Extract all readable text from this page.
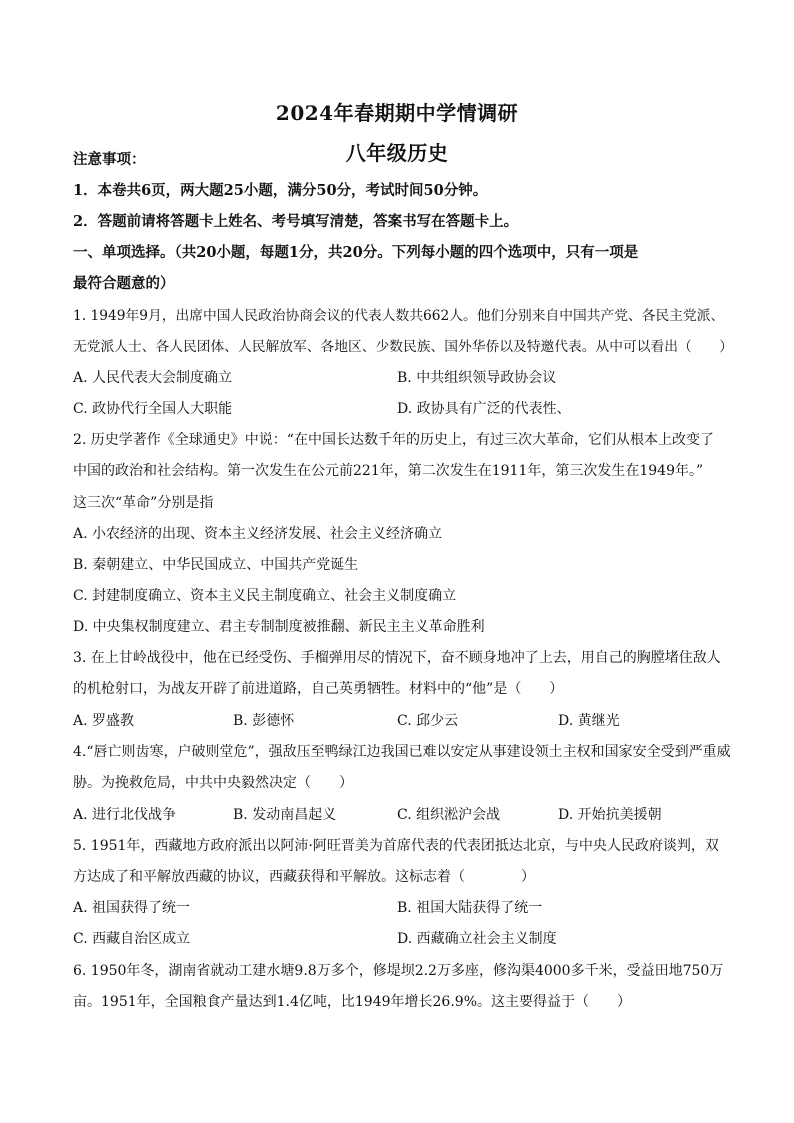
2024年春期期中学情调研
八年级历史
注意事项：
1．本卷共6页，两大题25小题，满分50分，考试时间50分钟。
2．答题前请将答题卡上姓名、考号填写清楚，答案书写在答题卡上。
一、单项选择。（共20小题，每题1分，共20分。下列每小题的四个选项中，只有一项是
最符合题意的）
1. 1949年9月，出席中国人民政治协商会议的代表人数共662人。他们分别来自中国共产党、各民主党派、
无党派人士、各人民团体、人民解放军、各地区、少数民族、国外华侨以及特邀代表。从中可以看出（　　）
A. 人民代表大会制度确立	B. 中共组织领导政协会议
C. 政协代行全国人大职能	D. 政协具有广泛的代表性、
2. 历史学著作《全球通史》中说：“在中国长达数千年的历史上，有过三次大革命，它们从根本上改变了
中国的政治和社会结构。第一次发生在公元前221年，第二次发生在1911年，第三次发生在1949年。”
这三次“革命”分别是指
A. 小农经济的出现、资本主义经济发展、社会主义经济确立
B. 秦朝建立、中华民国成立、中国共产党诞生
C. 封建制度确立、资本主义民主制度确立、社会主义制度确立
D. 中央集权制度建立、君主专制制度被推翻、新民主主义革命胜利
3. 在上甘岭战役中，他在已经受伤、手榴弹用尽的情况下，奋不顾身地冲了上去，用自己的胸膛堵住敌人
的机枪射口，为战友开辟了前进道路，自己英勇牺牲。材料中的“他”是（　　）
A. 罗盛教	B. 彭德怀	C. 邱少云	D. 黄继光
4.“唇亡则齿寒，户破则堂危”，强敌压至鸭绿江边我国已难以安定从事建设领土主权和国家安全受到严重威
胁。为挽救危局，中共中央毅然决定（　　）
A. 进行北伐战争	B. 发动南昌起义	C. 组织淞沪会战	D. 开始抗美援朝
5. 1951年，西藏地方政府派出以阿沛·阿旺晋美为首席代表的代表团抵达北京，与中央人民政府谈判，双
方达成了和平解放西藏的协议，西藏获得和平解放。这标志着（　　　　）
A. 祖国获得了统一	B. 祖国大陆获得了统一
C. 西藏自治区成立	D. 西藏确立社会主义制度
6. 1950年冬，湖南省就动工建水塘9.8万多个，修堤坝2.2万多座，修沟渠4000多千米，受益田地750万
亩。1951年，全国粮食产量达到1.4亿吨，比1949年增长26.9%。这主要得益于（　　）
